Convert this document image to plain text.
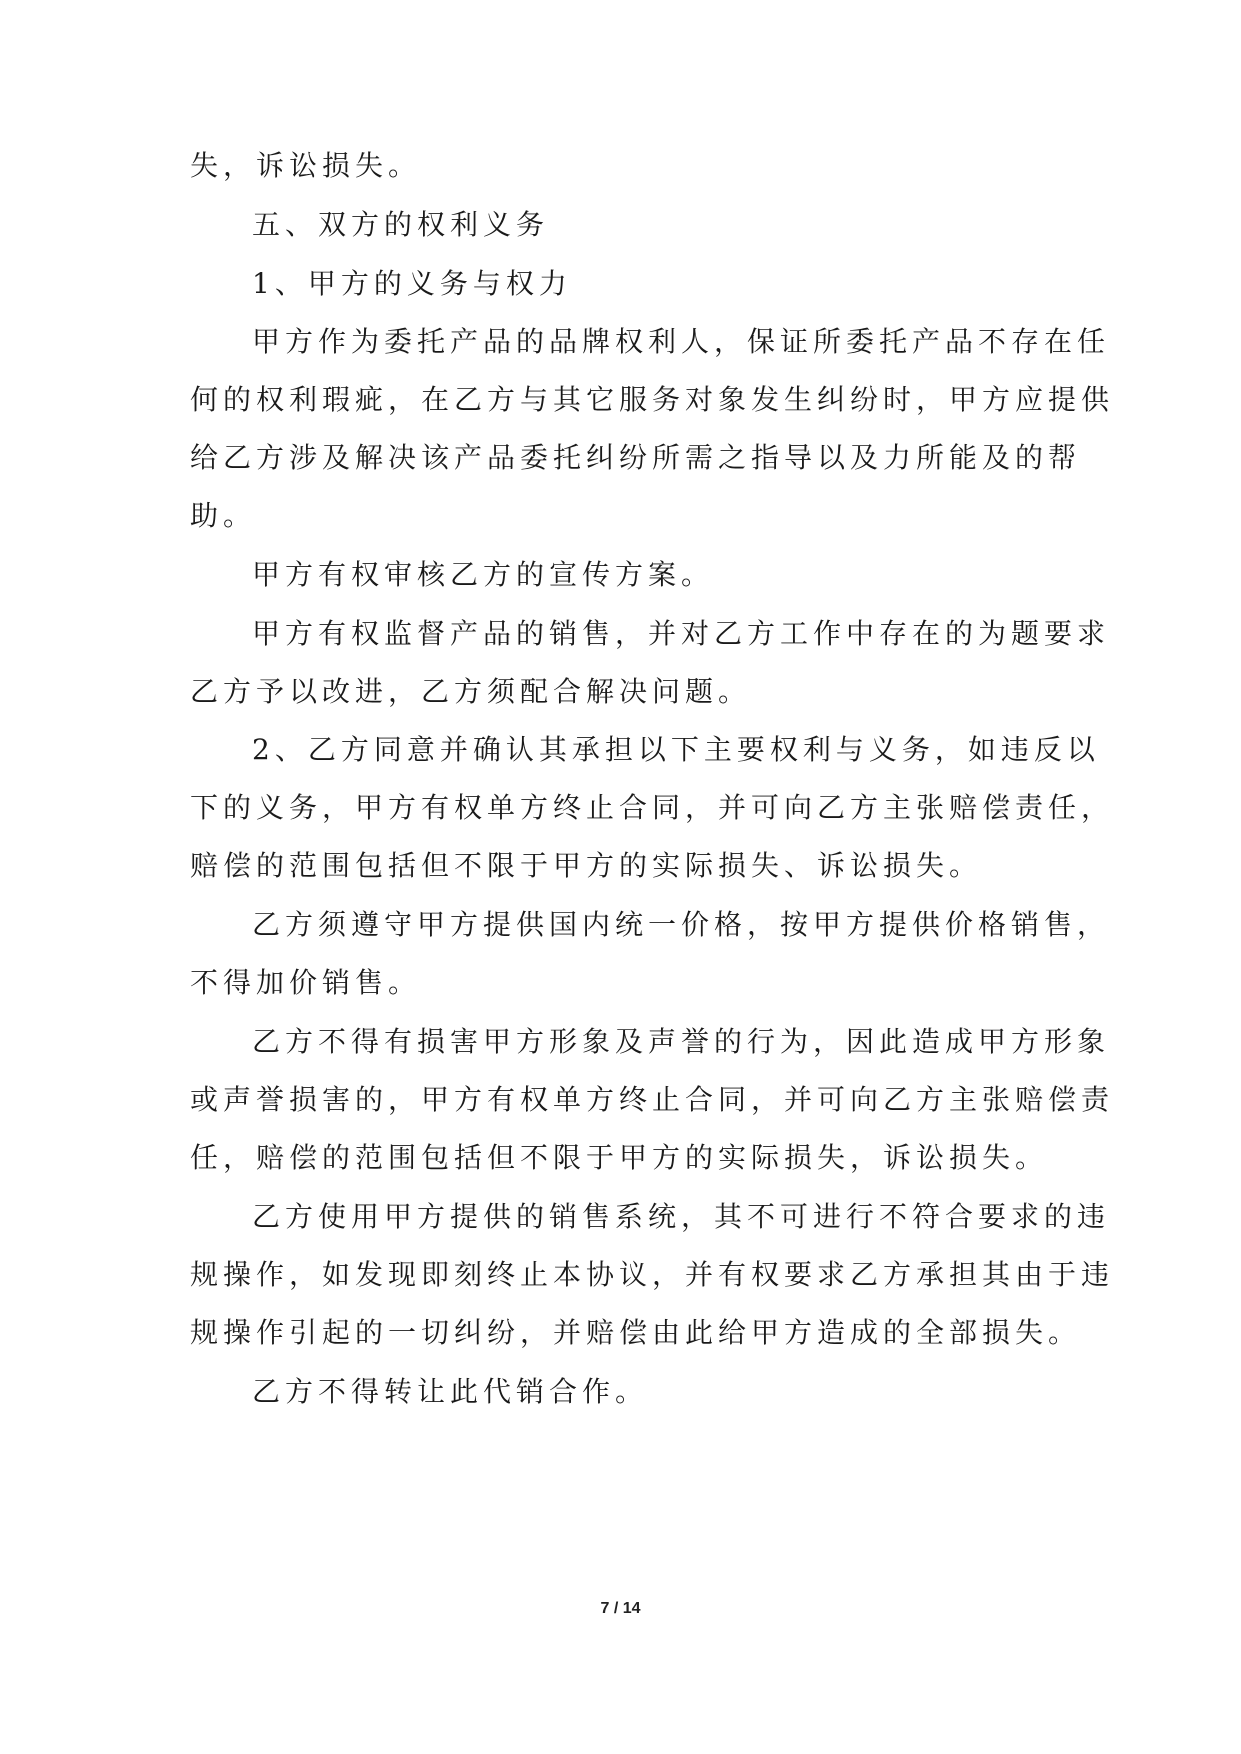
失，诉讼损失。
五、双方的权利义务
1、甲方的义务与权力
甲方作为委托产品的品牌权利人，保证所委托产品不存在任
何的权利瑕疵，在乙方与其它服务对象发生纠纷时，甲方应提供
给乙方涉及解决该产品委托纠纷所需之指导以及力所能及的帮
助。
甲方有权审核乙方的宣传方案。
甲方有权监督产品的销售，并对乙方工作中存在的为题要求
乙方予以改进，乙方须配合解决问题。
2、乙方同意并确认其承担以下主要权利与义务，如违反以
下的义务，甲方有权单方终止合同，并可向乙方主张赔偿责任，
赔偿的范围包括但不限于甲方的实际损失、诉讼损失。
乙方须遵守甲方提供国内统一价格，按甲方提供价格销售，
不得加价销售。
乙方不得有损害甲方形象及声誉的行为，因此造成甲方形象
或声誉损害的，甲方有权单方终止合同，并可向乙方主张赔偿责
任，赔偿的范围包括但不限于甲方的实际损失，诉讼损失。
乙方使用甲方提供的销售系统，其不可进行不符合要求的违
规操作，如发现即刻终止本协议，并有权要求乙方承担其由于违
规操作引起的一切纠纷，并赔偿由此给甲方造成的全部损失。
乙方不得转让此代销合作。
7 / 14
